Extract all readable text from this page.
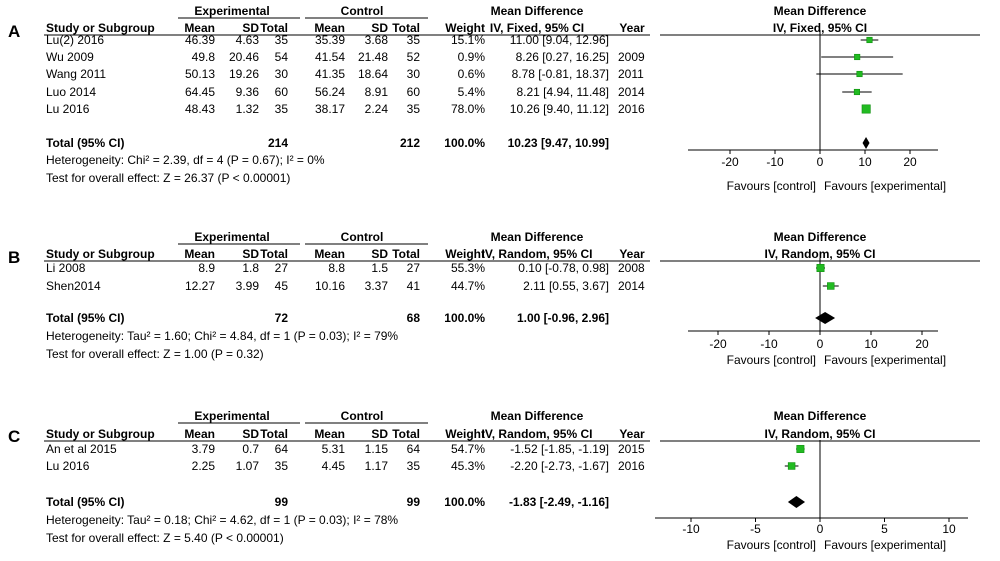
A
Experimental	Control	Mean Difference	Mean Difference
Study or Subgroup Mean SD Total Mean SD Total Weight IV, Fixed, 95% CI	Year	IV, Fixed, 95% CI
Lu(2) 2016	46.39 4.63 35 35.39 3.68 35	15.1% 11.00 [9.04, 12.96]
Wu 2009	49.8 20.46 54 41.54 21.48 52	0.9%	8.26 [0.27, 16.25] 2009
Wang 2011	50.13 19.26 30 41.35 18.64 30	0.6% 8.78 [-0.81, 18.37] 2011
Luo 2014	64.45 9.36 60 56.24 8.91 60	5.4%	8.21 [4.94, 11.48] 2014
Lu 2016	48.43 1.32 35 38.17 2.24 35	78.0% 10.26 [9.40, 11.12] 2016
Total (95% CI)	214	212 100.0% 10.23 [9.47, 10.99]
Heterogeneity: Chi² = 2.39, df = 4 (P = 0.67); I² = 0%
Test for overall effect: Z = 26.37 (P < 0.00001)
-20 -10	0	10	20
Favours [control] Favours [experimental]
B
Experimental	Control	Mean Difference	Mean Difference
Study or Subgroup Mean SD Total Mean SD Total Weight
IV, Random, 95% CI Year	IV, Random, 95% CI
Li 2008	8.9 1.8 27	8.8 1.5 27	55.3%	0.10 [-0.78, 0.98] 2008
Shen2014	12.27 3.99 45 10.16 3.37 41	44.7%	2.11 [0.55, 3.67] 2014
Total (95% CI)	72	68 100.0%	1.00 [-0.96, 2.96]
Heterogeneity: Tau² = 1.60; Chi² = 4.84, df = 1 (P = 0.03); I² = 79%
Test for overall effect: Z = 1.00 (P = 0.32)
-20	-10	0	10	20
Favours [control] Favours [experimental]
C
Experimental	Control	Mean Difference	Mean Difference
Study or Subgroup Mean SD Total Mean SD Total Weight
IV, Random, 95% CI Year	IV, Random, 95% CI
An et al 2015	3.79 0.7 64	5.31 1.15 64	54.7% -1.52 [-1.85, -1.19] 2015
Lu 2016	2.25 1.07 35	4.45 1.17 35	45.3% -2.20 [-2.73, -1.67] 2016
Total (95% CI)	99	99 100.0% -1.83 [-2.49, -1.16]
Heterogeneity: Tau² = 0.18; Chi² = 4.62, df = 1 (P = 0.03); I² = 78%
Test for overall effect: Z = 5.40 (P < 0.00001)
-10	-5	0	5	10
Favours [control] Favours [experimental]
